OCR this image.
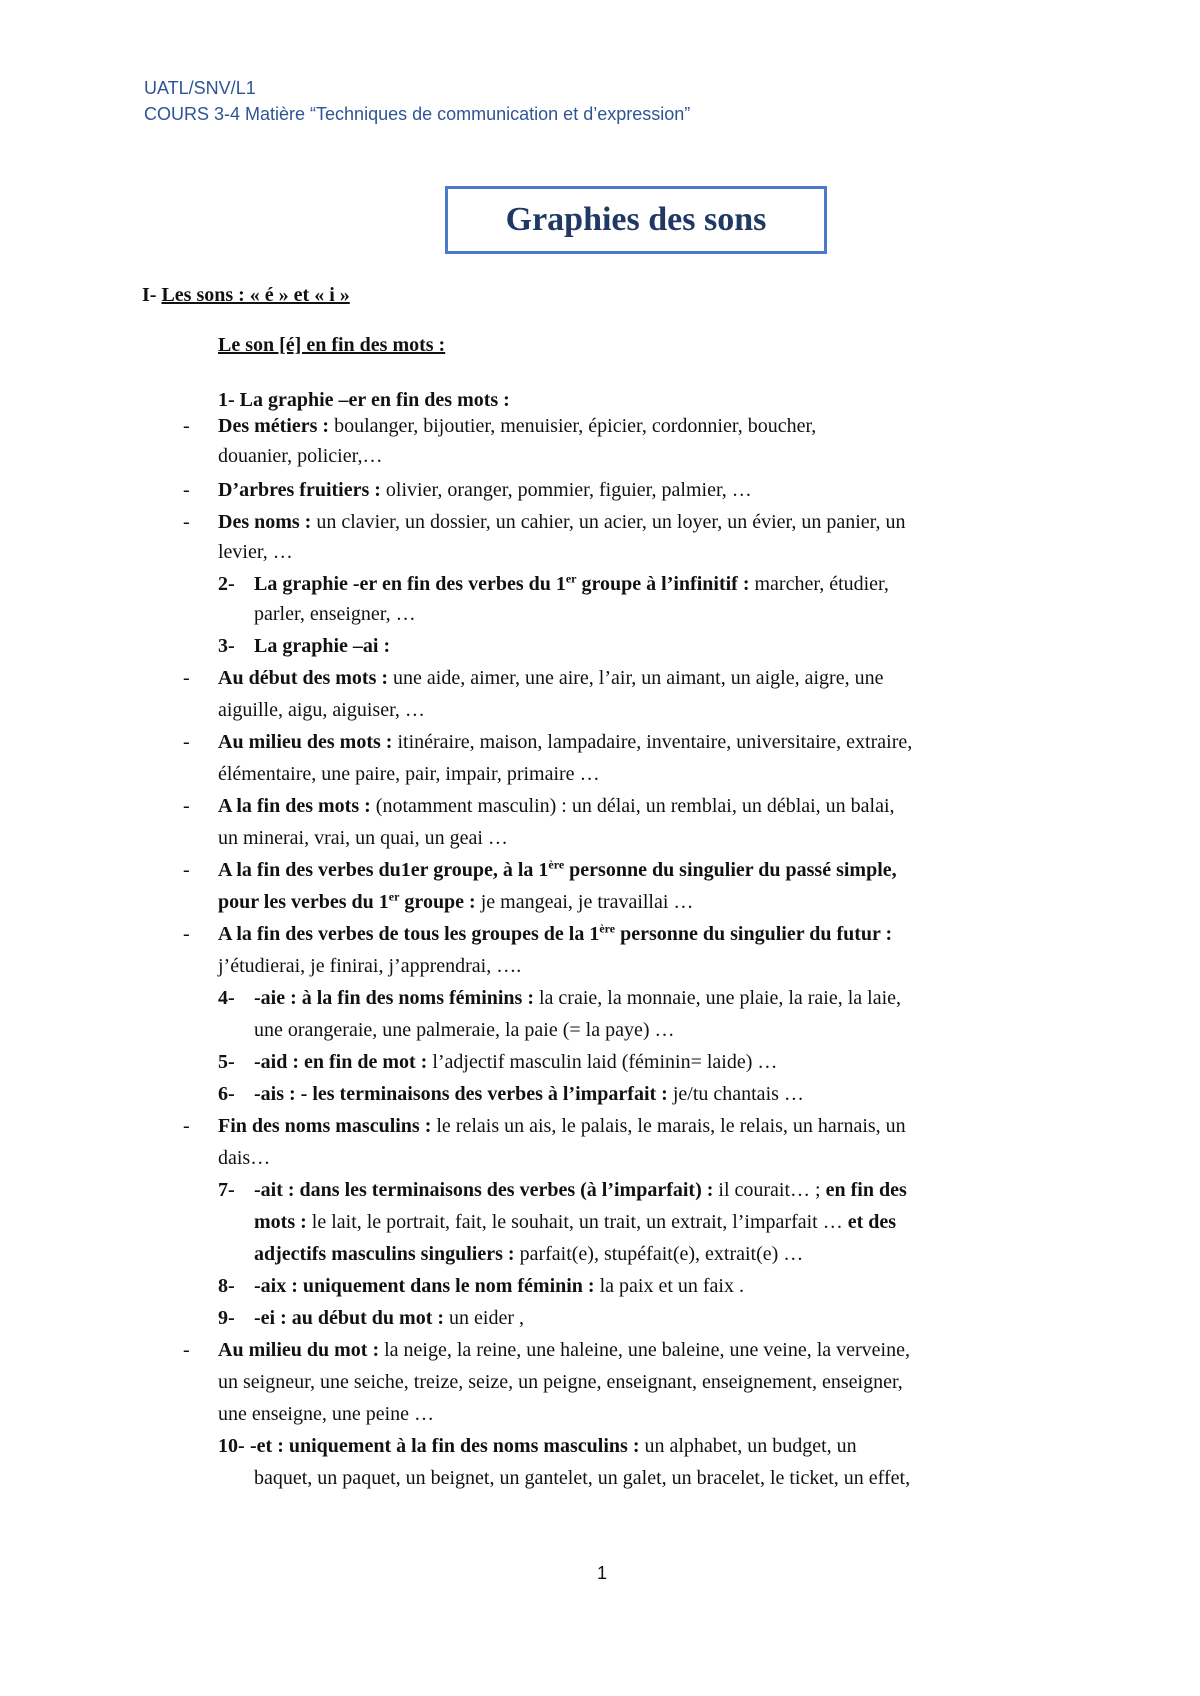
UATL/SNV/L1
COURS 3-4 Matière “Techniques de communication et d’expression”
Graphies des sons
I- Les sons : « é » et « i »
Le son [é] en fin des mots :
1- La graphie –er en fin des mots :
- Des métiers : boulanger, bijoutier, menuisier, épicier, cordonnier, boucher,
douanier, policier,…
- D’arbres fruitiers : olivier, oranger, pommier, figuier, palmier, …
- Des noms : un clavier, un dossier, un cahier, un acier, un loyer, un évier, un panier, un
levier, …
2- La graphie -er en fin des verbes du 1er groupe à l’infinitif : marcher, étudier,
parler, enseigner, …
3- La graphie –ai :
- Au début des mots : une aide, aimer, une aire, l’air, un aimant, un aigle, aigre, une
aiguille, aigu, aiguiser, …
- Au milieu des mots : itinéraire, maison, lampadaire, inventaire, universitaire, extraire,
élémentaire, une paire, pair, impair, primaire …
- A la fin des mots : (notamment masculin) : un délai, un remblai, un déblai, un balai,
un minerai, vrai, un quai, un geai …
- A la fin des verbes du1er groupe, à la 1ère personne du singulier du passé simple,
pour les verbes du 1er groupe : je mangeai, je travaillai …
- A la fin des verbes de tous les groupes de la 1ère personne du singulier du futur :
j’étudierai, je finirai, j’apprendrai, ….
4- -aie : à la fin des noms féminins : la craie, la monnaie, une plaie, la raie, la laie,
une orangeraie, une palmeraie, la paie (= la paye) …
5- -aid : en fin de mot : l’adjectif masculin laid (féminin= laide) …
6- -ais : - les terminaisons des verbes à l’imparfait : je/tu chantais …
- Fin des noms masculins : le relais un ais, le palais, le marais, le relais, un harnais, un
dais…
7- -ait : dans les terminaisons des verbes (à l’imparfait) : il courait… ; en fin des
mots : le lait, le portrait, fait, le souhait, un trait, un extrait, l’imparfait … et des
adjectifs masculins singuliers : parfait(e), stupéfait(e), extrait(e) …
8- -aix : uniquement dans le nom féminin : la paix et un faix .
9- -ei : au début du mot : un eider ,
- Au milieu du mot : la neige, la reine, une haleine, une baleine, une veine, la verveine,
un seigneur, une seiche, treize, seize, un peigne, enseignant, enseignement, enseigner,
une enseigne, une peine …
10- -et : uniquement à la fin des noms masculins : un alphabet, un budget, un
baquet, un paquet, un beignet, un gantelet, un galet, un bracelet, le ticket, un effet,
1
